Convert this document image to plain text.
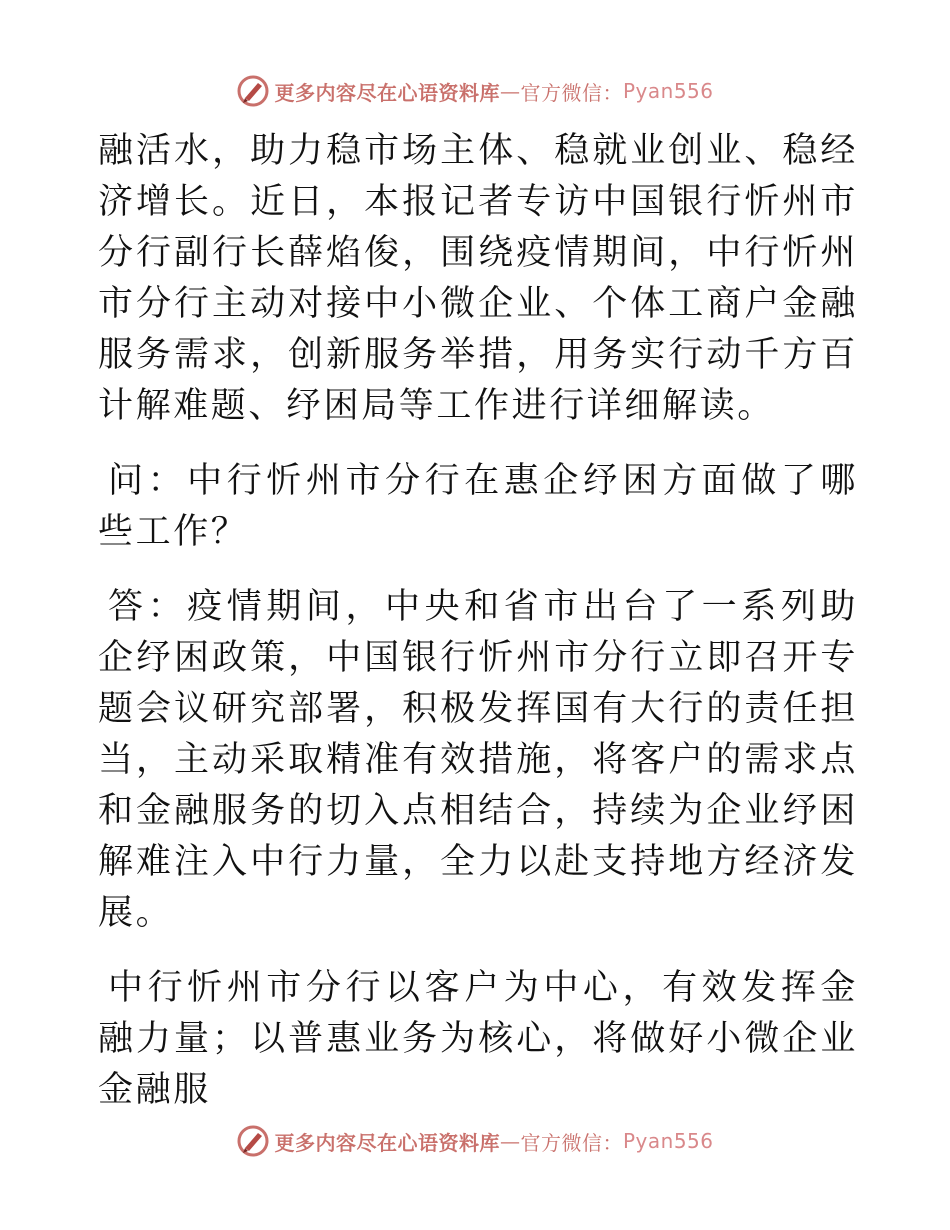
更多内容尽在心语资料库 — 官方微信： Pyan556

融活水，助力稳市场主体、稳就业创业、稳经济增长。近日，本报记者专访中国银行忻州市分行副行长薛焰俊，围绕疫情期间，中行忻州市分行主动对接中小微企业、个体工商户金融服务需求，创新服务举措，用务实行动千方百计解难题、纾困局等工作进行详细解读。

问：中行忻州市分行在惠企纾困方面做了哪些工作？

答：疫情期间，中央和省市出台了一系列助企纾困政策，中国银行忻州市分行立即召开专题会议研究部署，积极发挥国有大行的责任担当，主动采取精准有效措施，将客户的需求点和金融服务的切入点相结合，持续为企业纾困解难注入中行力量，全力以赴支持地方经济发展。

中行忻州市分行以客户为中心，有效发挥金融力量；以普惠业务为核心，将做好小微企业金融服

更多内容尽在心语资料库 — 官方微信： Pyan556
